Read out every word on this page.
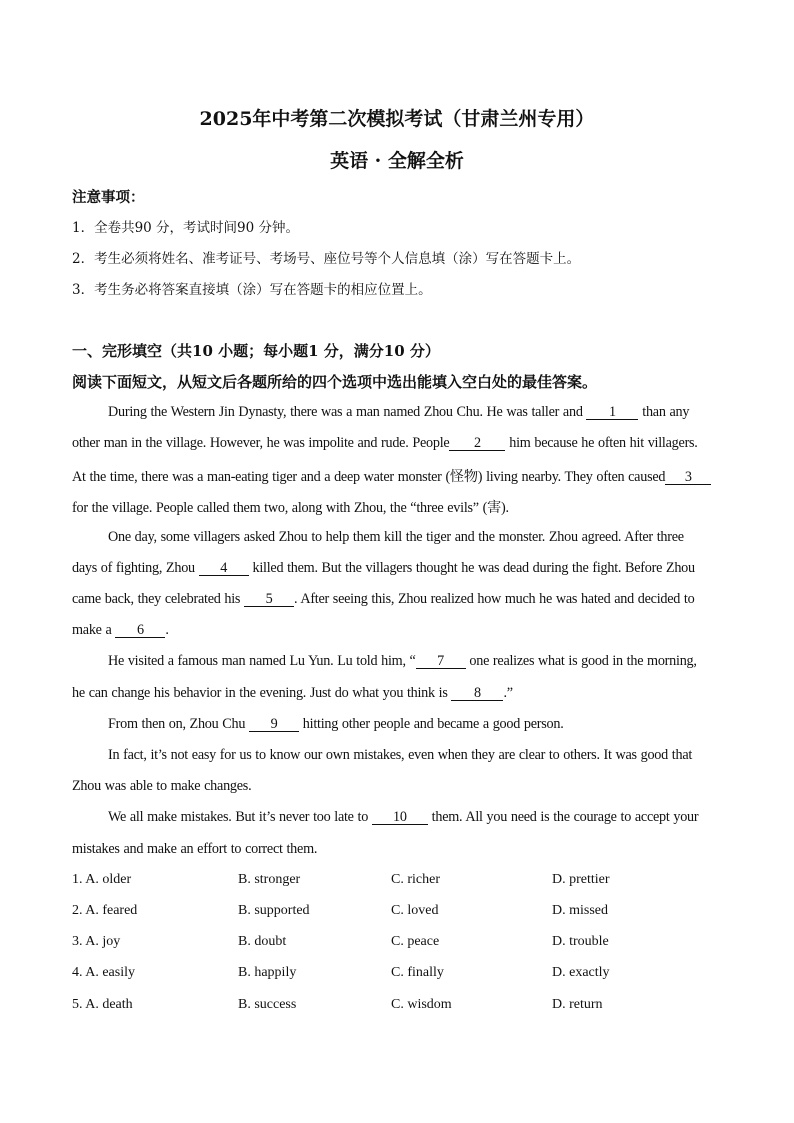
2025年中考第二次模拟考试（甘肃兰州专用）
英语 · 全解全析
注意事项：
1．全卷共90 分，考试时间90 分钟。
2．考生必须将姓名、准考证号、考场号、座位号等个人信息填（涂）写在答题卡上。
3．考生务必将答案直接填（涂）写在答题卡的相应位置上。
一、完形填空（共10 小题；每小题1 分，满分10 分）
阅读下面短文，从短文后各题所给的四个选项中选出能填入空白处的最佳答案。
During the Western Jin Dynasty, there was a man named Zhou Chu. He was taller and 1 than any
other man in the village. However, he was impolite and rude. People 2 him because he often hit villagers.
At the time, there was a man-eating tiger and a deep water monster (怪物) living nearby. They often caused 3
for the village. People called them two, along with Zhou, the “three evils” (害).
One day, some villagers asked Zhou to help them kill the tiger and the monster. Zhou agreed. After three
days of fighting, Zhou 4 killed them. But the villagers thought he was dead during the fight. Before Zhou
came back, they celebrated his 5 . After seeing this, Zhou realized how much he was hated and decided to
make a 6 .
He visited a famous man named Lu Yun. Lu told him, “ 7 one realizes what is good in the morning,
he can change his behavior in the evening. Just do what you think is 8 .”
From then on, Zhou Chu 9 hitting other people and became a good person.
In fact, it’s not easy for us to know our own mistakes, even when they are clear to others. It was good that
Zhou was able to make changes.
We all make mistakes. But it’s never too late to 10 them. All you need is the courage to accept your
mistakes and make an effort to correct them.
1. A. older	B. stronger	C. richer	D. prettier
2. A. feared	B. supported	C. loved	D. missed
3. A. joy	B. doubt	C. peace	D. trouble
4. A. easily	B. happily	C. finally	D. exactly
5. A. death	B. success	C. wisdom	D. return
